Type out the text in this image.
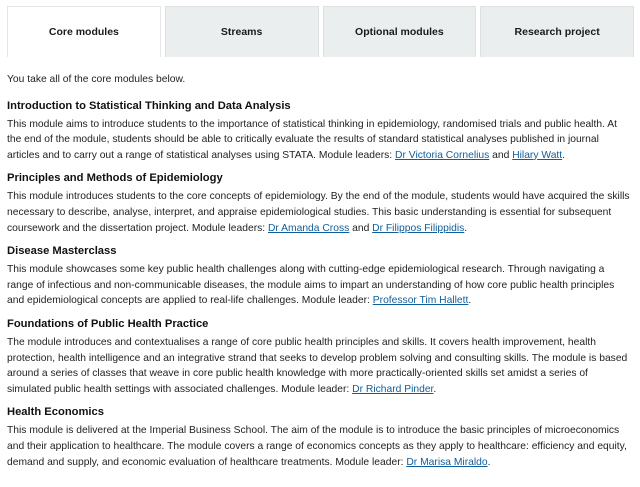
Core modules	Streams	Optional modules	Research project

You take all of the core modules below.

Introduction to Statistical Thinking and Data Analysis

This module aims to introduce students to the importance of statistical thinking in epidemiology, randomised trials and public health. At the end of the module, students should be able to critically evaluate the results of standard statistical analyses published in journal articles and to carry out a range of statistical analyses using STATA. Module leaders: Dr Victoria Cornelius and Hilary Watt.

Principles and Methods of Epidemiology

This module introduces students to the core concepts of epidemiology. By the end of the module, students would have acquired the skills necessary to describe, analyse, interpret, and appraise epidemiological studies. This basic understanding is essential for subsequent coursework and the dissertation project. Module leaders: Dr Amanda Cross and Dr Filippos Filippidis.

Disease Masterclass

This module showcases some key public health challenges along with cutting-edge epidemiological research. Through navigating a range of infectious and non-communicable diseases, the module aims to impart an understanding of how core public health principles and epidemiological concepts are applied to real-life challenges. Module leader: Professor Tim Hallett.

Foundations of Public Health Practice

The module introduces and contextualises a range of core public health principles and skills. It covers health improvement, health protection, health intelligence and an integrative strand that seeks to develop problem solving and consulting skills. The module is based around a series of classes that weave in core public health knowledge with more practically-oriented skills set amidst a series of simulated public health settings with associated challenges. Module leader: Dr Richard Pinder.

Health Economics

This module is delivered at the Imperial Business School. The aim of the module is to introduce the basic principles of microeconomics and their application to healthcare. The module covers a range of economics concepts as they apply to healthcare: efficiency and equity, demand and supply, and economic evaluation of healthcare treatments. Module leader: Dr Marisa Miraldo.
